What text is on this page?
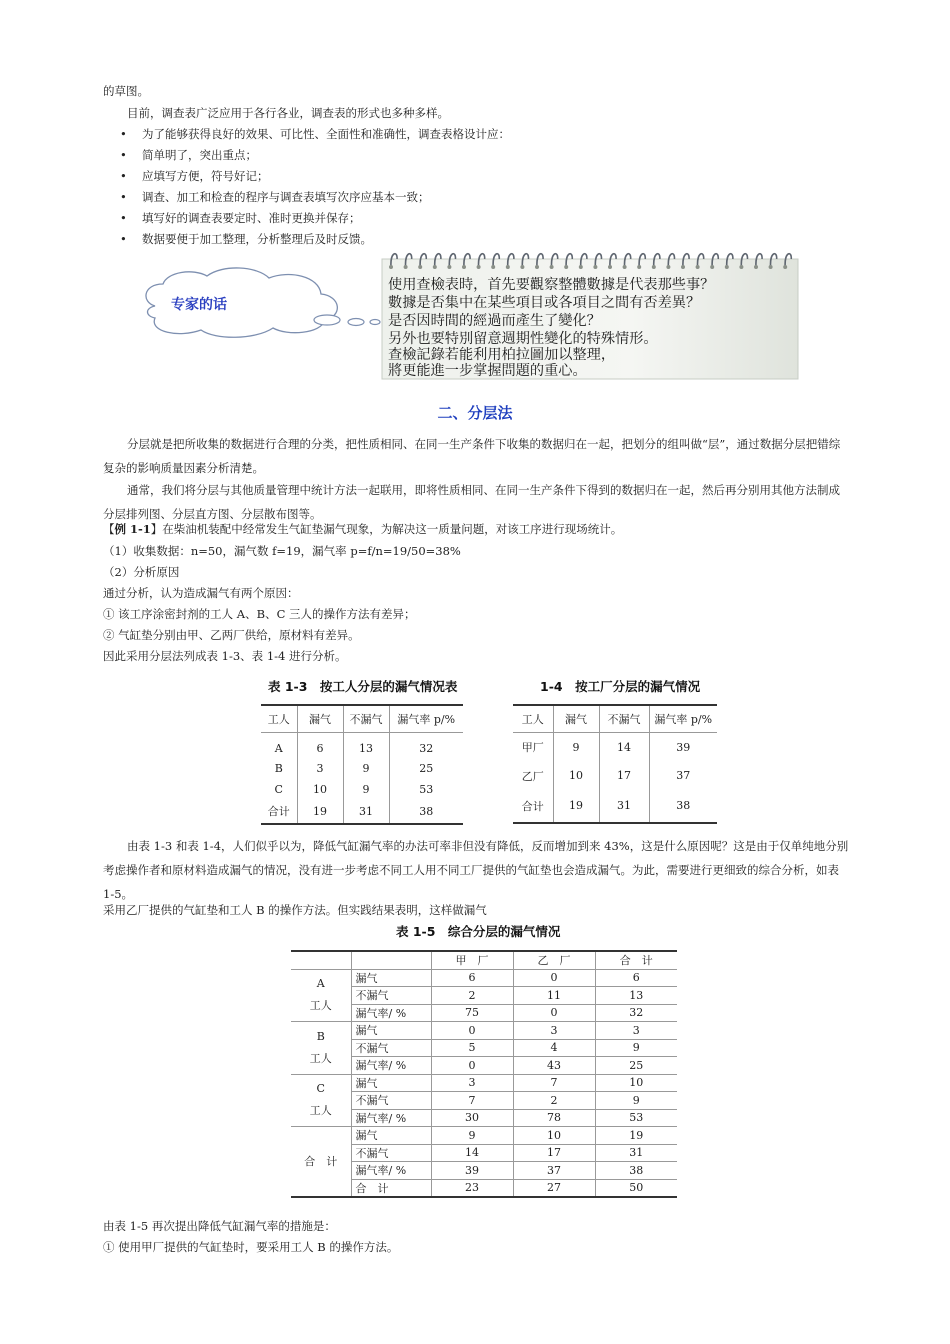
的草图。
目前，调查表广泛应用于各行各业，调查表的形式也多种多样。
• 为了能够获得良好的效果、可比性、全面性和准确性，调查表格设计应：
• 简单明了，突出重点；
• 应填写方便，符号好记；
• 调查、加工和检查的程序与调查表填写次序应基本一致；
• 填写好的调查表要定时、准时更换并保存；
• 数据要便于加工整理，分析整理后及时反馈。
专家的话
使用查檢表時，首先要觀察整體數據是代表那些事？
數據是否集中在某些項目或各項目之間有否差異？
是否因時間的經過而產生了變化？
另外也要特別留意週期性變化的特殊情形。
查檢記錄若能利用柏拉圖加以整理，
將更能進一步掌握問題的重心。
二、分层法
分层就是把所收集的数据进行合理的分类，把性质相同、在同一生产条件下收集的数据归在一起，把划分的组叫做“层”，通过数据分层把错综复杂的影响质量因素分析清楚。
通常，我们将分层与其他质量管理中统计方法一起联用，即将性质相同、在同一生产条件下得到的数据归在一起，然后再分别用其他方法制成分层排列图、分层直方图、分层散布图等。
【例 1-1】在柴油机装配中经常发生气缸垫漏气现象，为解决这一质量问题，对该工序进行现场统计。
（1）收集数据：n=50，漏气数 f=19，漏气率 p=f/n=19/50=38%
（2）分析原因
通过分析，认为造成漏气有两个原因：
① 该工序涂密封剂的工人 A、B、C 三人的操作方法有差异；
② 气缸垫分别由甲、乙两厂供给，原材料有差异。
因此采用分层法列成表 1-3、表 1-4 进行分析。
表 1-3　按工人分层的漏气情况表
工人	漏气	不漏气	漏气率 p/%
A	6	13	32
B	3	9	25
C	10	9	53
合计	19	31	38
1-4　按工厂分层的漏气情况
工人	漏气	不漏气	漏气率 p/%
甲厂	9	14	39
乙厂	10	17	37
合计	19	31	38
由表 1-3 和表 1-4，人们似乎以为，降低气缸漏气率的办法可率非但没有降低，反而增加到来 43%，这是什么原因呢？这是由于仅单纯地分别考虑操作者和原材料造成漏气的情况，没有进一步考虑不同工人用不同工厂提供的气缸垫也会造成漏气。为此，需要进行更细致的综合分析，如表 1-5。
采用乙厂提供的气缸垫和工人 B 的操作方法。但实践结果表明，这样做漏气
表 1-5　综合分层的漏气情况
		甲　厂	乙　厂	合　计

A
工人	漏气	6	0	6
	不漏气	2	11	13
	漏气率/ %	75	0	32

B
工人	漏气	0	3	3
	不漏气	5	4	9
	漏气率/ %	0	43	25

C
工人	漏气	3	7	10
	不漏气	7	2	9
	漏气率/ %	30	78	53

合　计	漏气	9	10	19
	不漏气	14	17	31
	漏气率/ %	39	37	38
	合　计	23	27	50
由表 1-5 再次提出降低气缸漏气率的措施是：
① 使用甲厂提供的气缸垫时，要采用工人 B 的操作方法。
